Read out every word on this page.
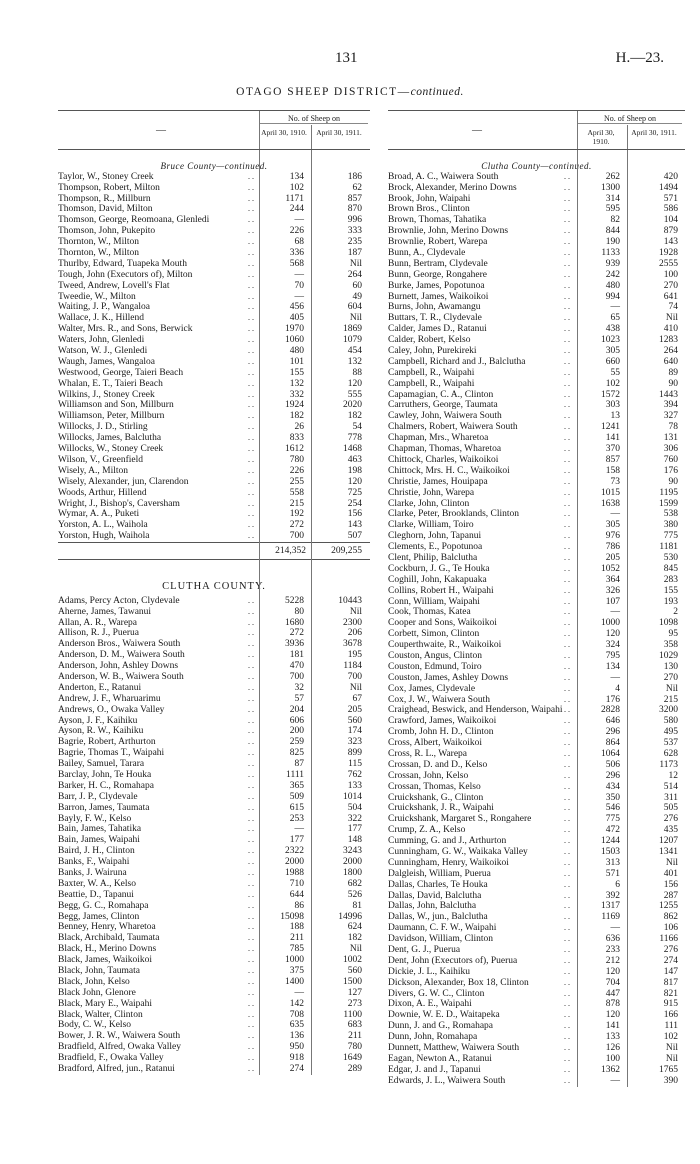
131	H.—23.
OTAGO SHEEP DISTRICT—continued.
—
No. of Sheep on
April 30, 1910. April 30, 1911.
Bruce County—continued.
Taylor, W., Stoney Creek	. .	134	186
Thompson, Robert, Milton	. .	102	62
Thompson, R., Millburn	. .	1171	857
Thomson, David, Milton	. .	244	870
Thomson, George, Reomoana, Glenledi	. .	—	996
Thomson, John, Pukepito	. .	226	333
Thornton, W., Milton	. .	68	235
Thornton, W., Milton	. .	336	187
Thurlby, Edward, Tuapeka Mouth	. .	568	Nil
Tough, John (Executors of), Milton	. .	—	264
Tweed, Andrew, Lovell's Flat	. .	70	60
Tweedie, W., Milton	. .	—	49
Waiting, J. P., Wangaloa	. .	456	604
Wallace, J. K., Hillend	. .	405	Nil
Walter, Mrs. R., and Sons, Berwick	. .	1970	1869
Waters, John, Glenledi	. .	1060	1079
Watson, W. J., Glenledi	. .	480	454
Waugh, James, Wangaloa	. .	101	132
Westwood, George, Taieri Beach	. .	155	88
Whalan, E. T., Taieri Beach	. .	132	120
Wilkins, J., Stoney Creek	. .	332	555
Williamson and Son, Millburn	. .	1924	2020
Williamson, Peter, Millburn	. .	182	182
Willocks, J. D., Stirling	. .	26	54
Willocks, James, Balclutha	. .	833	778
Willocks, W., Stoney Creek	. .	1612	1468
Wilson, V., Greenfield	. .	780	463
Wisely, A., Milton	. .	226	198
Wisely, Alexander, jun, Clarendon	. .	255	120
Woods, Arthur, Hillend	. .	558	725
Wright, J., Bishop's, Caversham	. .	215	254
Wymar, A. A., Puketi	. .	192	156
Yorston, A. L., Waihola	. .	272	143
Yorston, Hugh, Waihola	. .	700	507
214,352	209,255
CLUTHA COUNTY.
Adams, Percy Acton, Clydevale	. .	5228	10443
Aherne, James, Tawanui	. .	80	Nil
Allan, A. R., Warepa	. .	1680	2300
Allison, R. J., Puerua	. .	272	206
Anderson Bros., Waiwera South	. .	3936	3678
Anderson, D. M., Waiwera South	. .	181	195
Anderson, John, Ashley Downs	. .	470	1184
Anderson, W. B., Waiwera South	. .	700	700
Anderton, E., Ratanui	. .	32	Nil
Andrew, J. F., Wharuarimu	. .	57	67
Andrews, O., Owaka Valley	. .	204	205
Ayson, J. F., Kaihiku	. .	606	560
Ayson, R. W., Kaihiku	. .	200	174
Bagrie, Robert, Arthurton	. .	259	323
Bagrie, Thomas T., Waipahi	. .	825	899
Bailey, Samuel, Tarara	. .	87	115
Barclay, John, Te Houka	. .	1111	762
Barker, H. C., Romahapa	. .	365	133
Barr, J. P., Clydevale	. .	509	1014
Barron, James, Taumata	. .	615	504
Bayly, F. W., Kelso	. .	253	322
Bain, James, Tahatika	. .	—	177
Bain, James, Waipahi	. .	177	148
Baird, J. H., Clinton	. .	2322	3243
Banks, F., Waipahi	. .	2000	2000
Banks, J. Wairuna	. .	1988	1800
Baxter, W. A., Kelso	. .	710	682
Beattie, D., Tapanui	. .	644	526
Begg, G. C., Romahapa	. .	86	81
Begg, James, Clinton	. .	15098	14996
Benney, Henry, Wharetoa	. .	188	624
Black, Archibald, Taumata	. .	211	182
Black, H., Merino Downs	. .	785	Nil
Black, James, Waikoikoi	. .	1000	1002
Black, John, Taumata	. .	375	560
Black, John, Kelso	. .	1400	1500
Black John, Glenore	. .	—	127
Black, Mary E., Waipahi	. .	142	273
Black, Walter, Clinton	. .	708	1100
Body, C. W., Kelso	. .	635	683
Bower, J. R. W., Waiwera South	. .	136	211
Bradfield, Alfred, Owaka Valley	. .	950	780
Bradfield, F., Owaka Valley	. .	918	1649
Bradford, Alfred, jun., Ratanui	. .	274	289
—
No. of Sheep on
April 30, 1910.
April 30, 1911.
Clutha County—continued.
Broad, A. C., Waiwera South	. .	262	420
Brock, Alexander, Merino Downs	. .	1300	1494
Brook, John, Waipahi	. .	314	571
Brown Bros., Clinton	. .	595	586
Brown, Thomas, Tahatika	. .	82	104
Brownlie, John, Merino Downs	. .	844	879
Brownlie, Robert, Warepa	. .	190	143
Bunn, A., Clydevale	. .	1133	1928
Bunn, Bertram, Clydevale	. .	939	2555
Bunn, George, Rongahere	. .	242	100
Burke, James, Popotunoa	. .	480	270
Burnett, James, Waikoikoi	. .	994	641
Burns, John, Awamangu	. .	—	74
Buttars, T. R., Clydevale	. .	65	Nil
Calder, James D., Ratanui	. .	438	410
Calder, Robert, Kelso	. .	1023	1283
Caley, John, Purekireki	. .	305	264
Campbell, Richard and J., Balclutha	. .	660	640
Campbell, R., Waipahi	. .	55	89
Campbell, R., Waipahi	. .	102	90
Capamagian, C. A., Clinton	. .	1572	1443
Carruthers, George, Taumata	. .	303	394
Cawley, John, Waiwera South	. .	13	327
Chalmers, Robert, Waiwera South	. .	1241	78
Chapman, Mrs., Wharetoa	. .	141	131
Chapman, Thomas, Wharetoa	. .	370	306
Chittock, Charles, Waikoikoi	. .	857	760
Chittock, Mrs. H. C., Waikoikoi	. .	158	176
Christie, James, Houipapa	. .	73	90
Christie, John, Warepa	. .	1015	1195
Clarke, John, Clinton	. .	1638	1599
Clarke, Peter, Brooklands, Clinton	. .	—	538
Clarke, William, Toiro	. .	305	380
Cleghorn, John, Tapanui	. .	976	775
Clements, E., Popotunoa	. .	786	1181
Clent, Philip, Balclutha	. .	205	530
Cockburn, J. G., Te Houka	. .	1052	845
Coghill, John, Kakapuaka	. .	364	283
Collins, Robert H., Waipahi	. .	326	155
Conn, William, Waipahi	. .	107	193
Cook, Thomas, Katea	. .	—	2
Cooper and Sons, Waikoikoi	. .	1000	1098
Corbett, Simon, Clinton	. .	120	95
Couperthwaite, R., Waikoikoi	. .	324	358
Couston, Angus, Clinton	. .	795	1029
Couston, Edmund, Toiro	. .	134	130
Couston, James, Ashley Downs	. .	—	270
Cox, James, Clydevale	. .	4	Nil
Cox, J. W., Waiwera South	. .	176	215
Craighead, Beswick, and Henderson, Waipahi . .	2828	3200
Crawford, James, Waikoikoi	. .	646	580
Cromb, John H. D., Clinton	. .	296	495
Cross, Albert, Waikoikoi	. .	864	537
Cross, R. L., Warepa	. .	1064	628
Crossan, D. and D., Kelso	. .	506	1173
Crossan, John, Kelso	. .	296	12
Crossan, Thomas, Kelso	. .	434	514
Cruickshank, G., Clinton	. .	350	311
Cruickshank, J. R., Waipahi	. .	546	505
Cruickshank, Margaret S., Rongahere	. .	775	276
Crump, Z. A., Kelso	. .	472	435
Cumming, G. and J., Arthurton	. .	1244	1207
Cunningham, G. W., Waikaka Valley	. .	1503	1341
Cunningham, Henry, Waikoikoi	. .	313	Nil
Dalgleish, William, Puerua	. .	571	401
Dallas, Charles, Te Houka	. .	6	156
Dallas, David, Balclutha	. .	392	287
Dallas, John, Balclutha	. .	1317	1255
Dallas, W., jun., Balclutha	. .	1169	862
Daumann, C. F. W., Waipahi	. .	—	106
Davidson, William, Clinton	. .	636	1166
Dent, G. J., Puerua	. .	233	276
Dent, John (Executors of), Puerua	. .	212	274
Dickie, J. L., Kaihiku	. .	120	147
Dickson, Alexander, Box 18, Clinton	. .	704	817
Divers, G. W. C., Clinton	. .	447	821
Dixon, A. E., Waipahi	. .	878	915
Downie, W. E. D., Waitapeka	. .	120	166
Dunn, J. and G., Romahapa	. .	141	111
Dunn, John, Romahapa	. .	133	102
Dunnett, Matthew, Waiwera South	. .	126	Nil
Eagan, Newton A., Ratanui	. .	100	Nil
Edgar, J. and J., Tapanui	. .	1362	1765
Edwards, J. L., Waiwera South	. .	—	390
